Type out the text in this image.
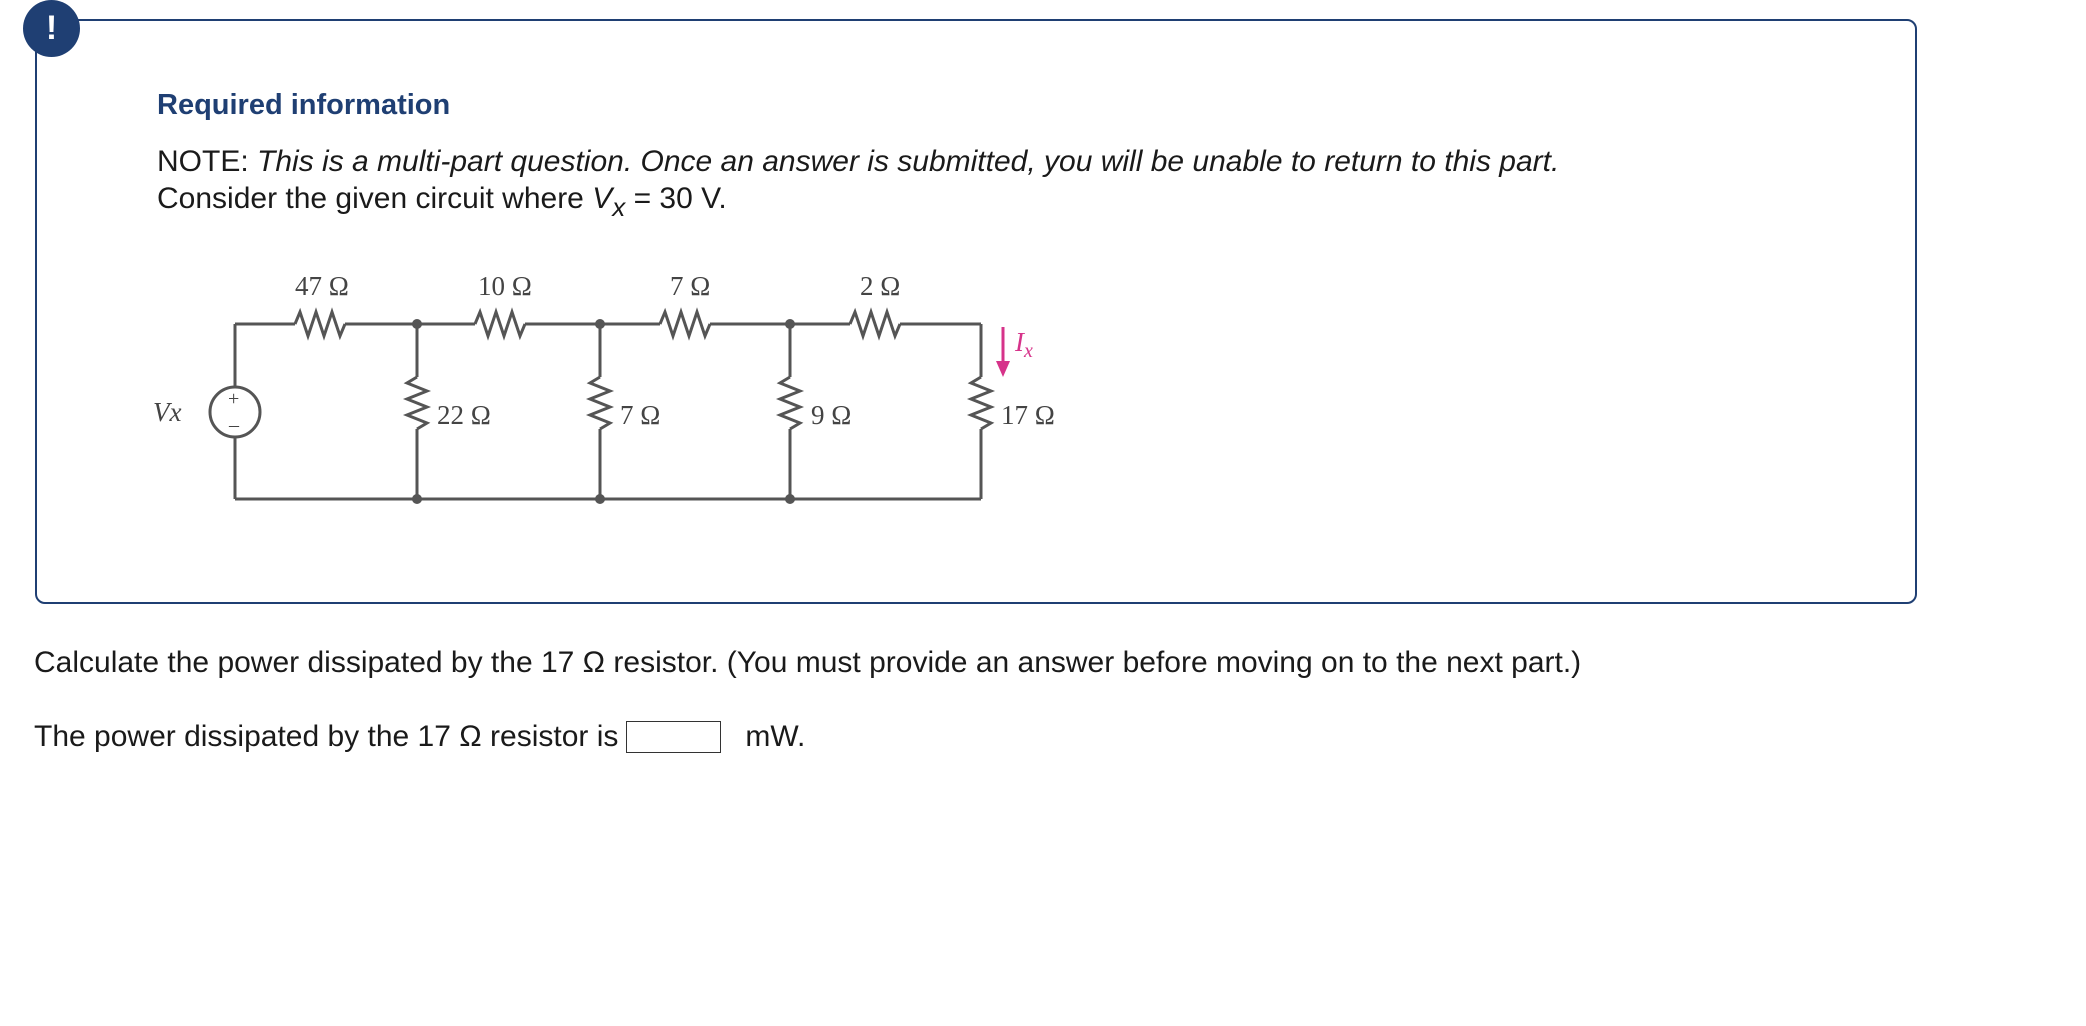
Required information
NOTE: This is a multi-part question. Once an answer is submitted, you will be unable to return to this part.
Consider the given circuit where $V_x = 30$ V.
+
–
Vx
47 Ω	10 Ω	7 Ω	2 Ω
22 Ω	7 Ω	9 Ω	17 Ω
$I_x$
!
Calculate the power dissipated by the 17 Ω resistor. (You must provide an answer before moving on to the next part.)
The power dissipated by the 17 Ω resistor is	mW.
